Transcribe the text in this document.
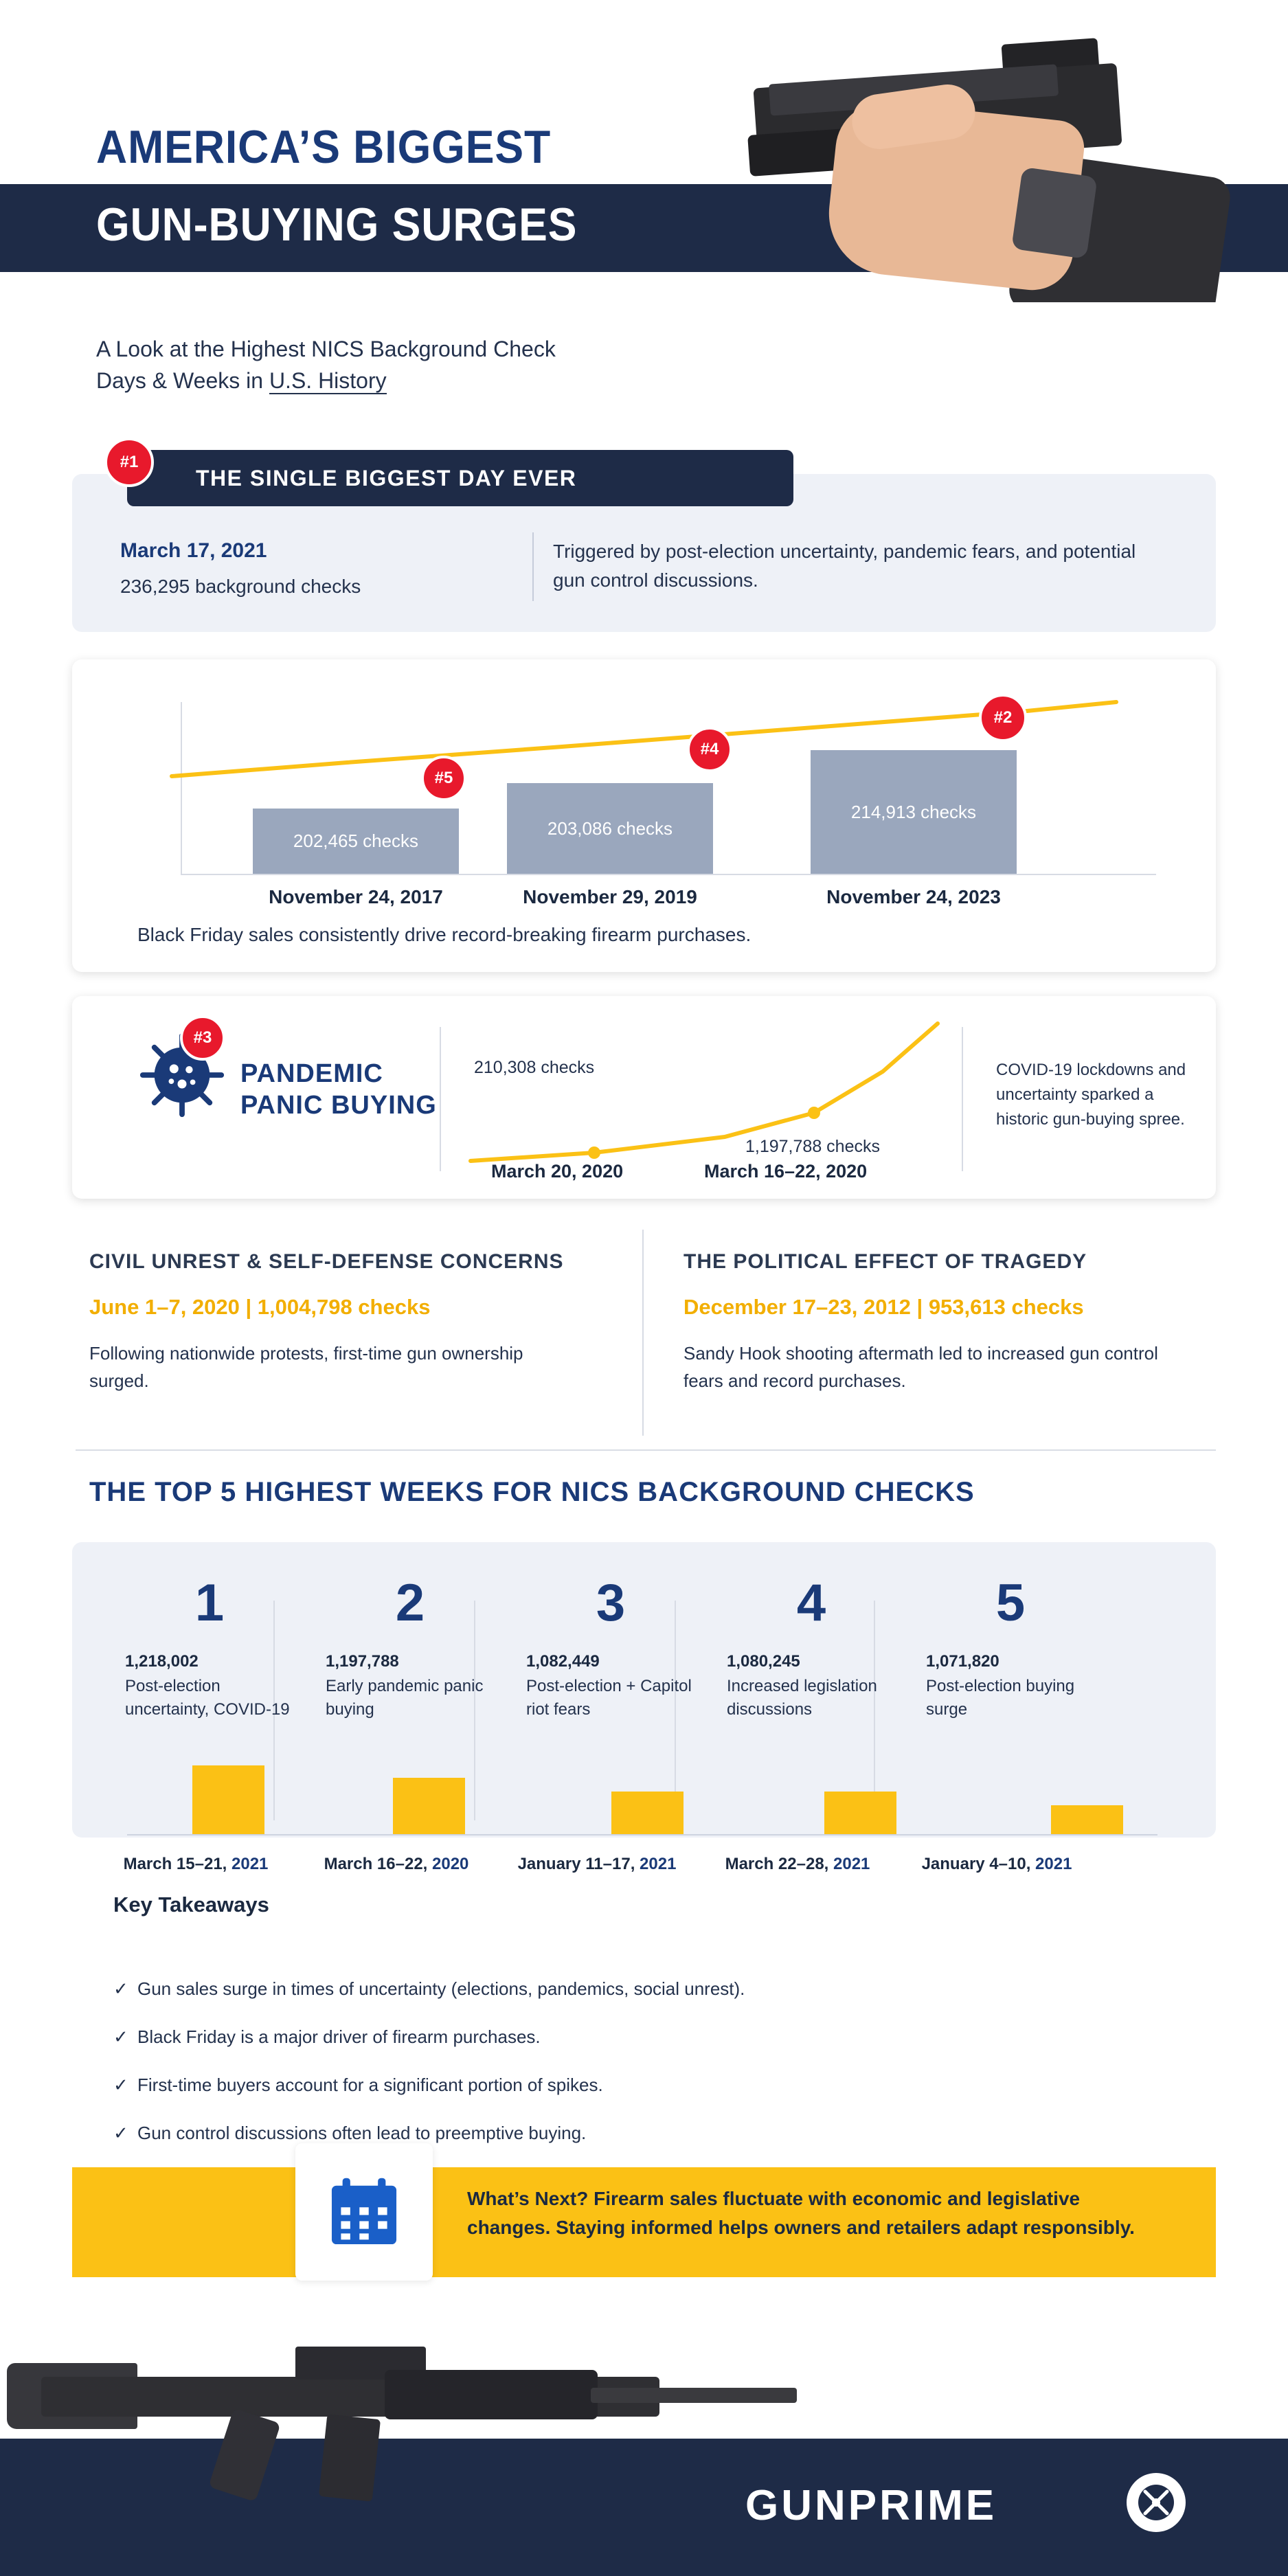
AMERICA’S BIGGEST
GUN-BUYING SURGES
A Look at the Highest NICS Background Check
Days & Weeks in U.S. History
THE SINGLE BIGGEST DAY EVER
#1
March 17, 2021
236,295 background checks
Triggered by post-election uncertainty, pandemic fears, and potential gun control discussions.
202,465 checks
203,086 checks
214,913 checks
November 24, 2017	November 29, 2019	November 24, 2023
#5
#4
#2
Black Friday sales consistently drive record-breaking firearm purchases.
#3
PANDEMIC
PANIC BUYING
210,308 checks
1,197,788 checks
March 20, 2020	March 16–22, 2020
COVID-19 lockdowns and uncertainty sparked a historic gun-buying spree.
CIVIL UNREST & SELF-DEFENSE CONCERNS
June 1–7, 2020 | 1,004,798 checks
Following nationwide protests, first-time gun ownership surged.
THE POLITICAL EFFECT OF TRAGEDY
December 17–23, 2012 | 953,613 checks
Sandy Hook shooting aftermath led to increased gun control fears and record purchases.
THE TOP 5 HIGHEST WEEKS FOR NICS BACKGROUND CHECKS
1
1,218,002
Post-election uncertainty, COVID-19
March 15–21, 2021
2
1,197,788
Early pandemic panic buying
March 16–22, 2020
3
1,082,449
Post-election + Capitol riot fears
January 11–17, 2021
4
1,080,245
Increased legislation discussions
March 22–28, 2021
5
1,071,820
Post-election buying surge
January 4–10, 2021
Key Takeaways
✓ Gun sales surge in times of uncertainty (elections, pandemics, social unrest).
✓ Black Friday is a major driver of firearm purchases.
✓ First-time buyers account for a significant portion of spikes.
✓ Gun control discussions often lead to preemptive buying.
What’s Next? Firearm sales fluctuate with economic and legislative changes. Staying informed helps owners and retailers adapt responsibly.
GUNPRIME
